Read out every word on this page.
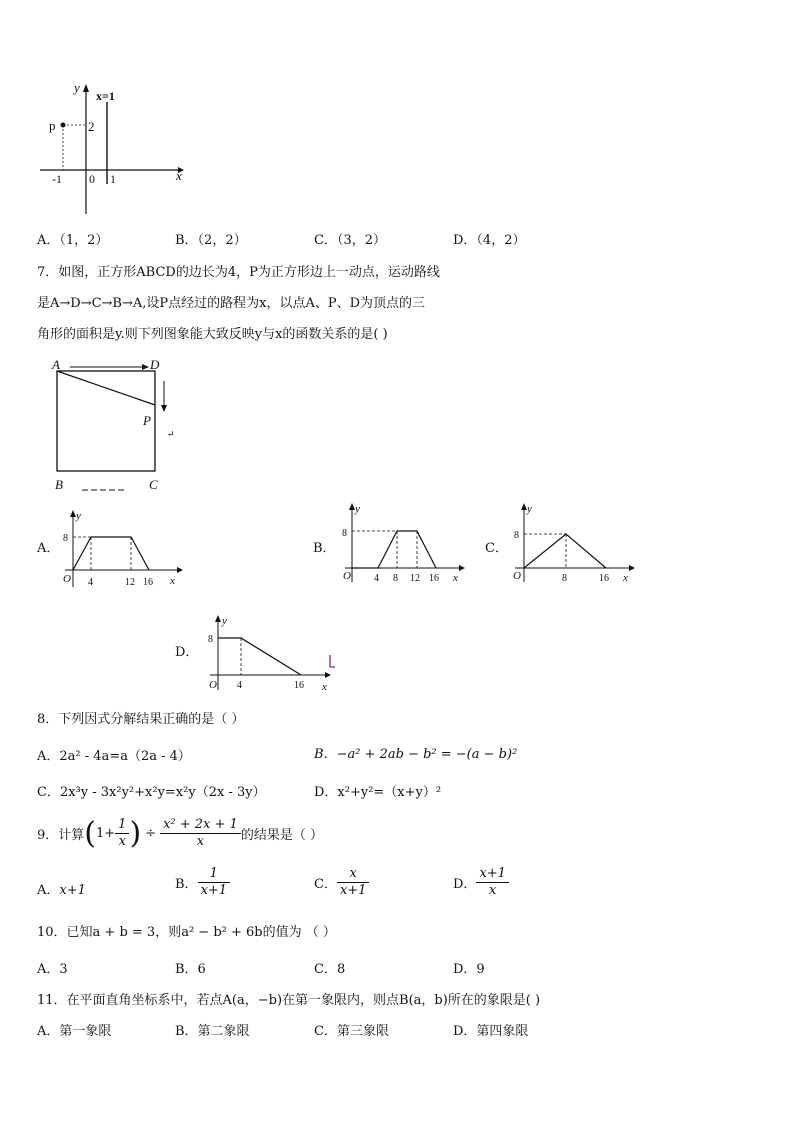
y
x
p	2
x=1
-1 0 1
A．（1，2）	B．（2，2）	C．（3，2）	D．（4，2）
7．如图，正方形ABCD的边长为4，P为正方形边上一动点，运动路线
是A→D→C→B→A,设P点经过的路程为x，以点A、P、D为顶点的三
角形的面积是y.则下列图象能大致反映y与x的函数关系的是( )
A	D
B	C
P
↵
A．
y
x
O
8
4	12 16
B．
y
x
O
8
4 8 12 16
C．
y
x
O
8
8	16
D．
y
x
O
8
4	16
8．下列因式分解结果正确的是（ ）
A．2a² - 4a=a（2a - 4）	B．−a² + 2ab − b² = −(a − b)²
C．2x³y - 3x²y²+x²y=x²y（2x - 3y）	D．x²+y²=（x+y）²
9．计算 ( $1+ \frac{1}{x}$ ) ÷ $\frac{\text{x² + 2x + 1}}{x}$ 的结果是（ ）
A．x+1	B． $\frac{1}{x+1}$	C． $\frac{x}{x+1}$	D． $\frac{x+1}{x}$
10．已知a + b = 3，则a² − b² + 6b的值为 （ ）
A．3	B．6	C．8	D．9
11．在平面直角坐标系中，若点A(a，−b)在第一象限内，则点B(a，b)所在的象限是( )
A．第一象限	B．第二象限	C．第三象限	D．第四象限
